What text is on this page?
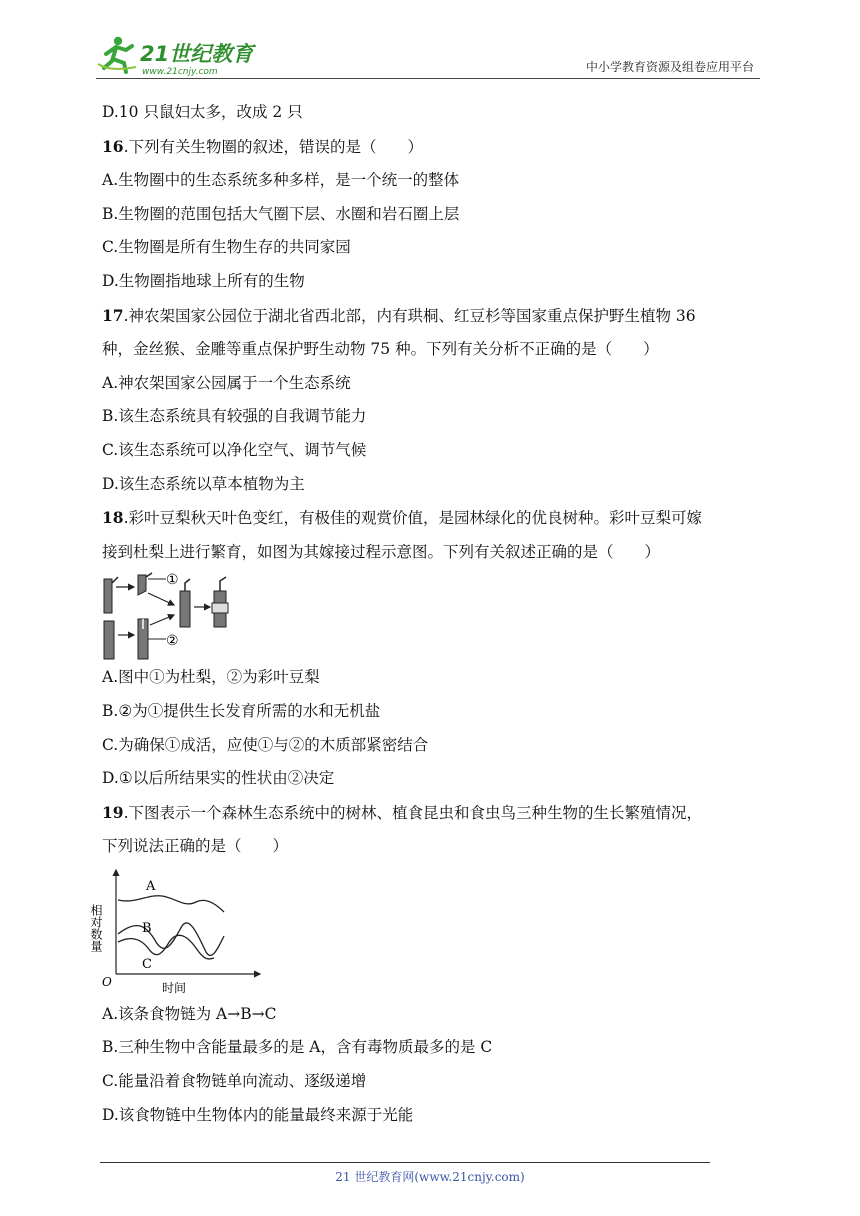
21世纪教育
www.21cnjy.com	中小学教育资源及组卷应用平台
D.10 只鼠妇太多，改成 2 只
16.下列有关生物圈的叙述，错误的是（　　）
A.生物圈中的生态系统多种多样，是一个统一的整体
B.生物圈的范围包括大气圈下层、水圈和岩石圈上层
C.生物圈是所有生物生存的共同家园
D.生物圈指地球上所有的生物
17.神农架国家公园位于湖北省西北部，内有珙桐、红豆杉等国家重点保护野生植物 36
种，金丝猴、金雕等重点保护野生动物 75 种。下列有关分析不正确的是（　　）
A.神农架国家公园属于一个生态系统
B.该生态系统具有较强的自我调节能力
C.该生态系统可以净化空气、调节气候
D.该生态系统以草本植物为主
18.彩叶豆梨秋天叶色变红，有极佳的观赏价值，是园林绿化的优良树种。彩叶豆梨可嫁
接到杜梨上进行繁育，如图为其嫁接过程示意图。下列有关叙述正确的是（　　）
①
②
A.图中①为杜梨，②为彩叶豆梨
B.②为①提供生长发育所需的水和无机盐
C.为确保①成活，应使①与②的木质部紧密结合
D.①以后所结果实的性状由②决定
19.下图表示一个森林生态系统中的树林、植食昆虫和食虫鸟三种生物的生长繁殖情况，
下列说法正确的是（　　）
相对数量
时间
O
A
B
C
A.该条食物链为 A→B→C
B.三种生物中含能量最多的是 A，含有毒物质最多的是 C
C.能量沿着食物链单向流动、逐级递增
D.该食物链中生物体内的能量最终来源于光能
21 世纪教育网(www.21cnjy.com)
